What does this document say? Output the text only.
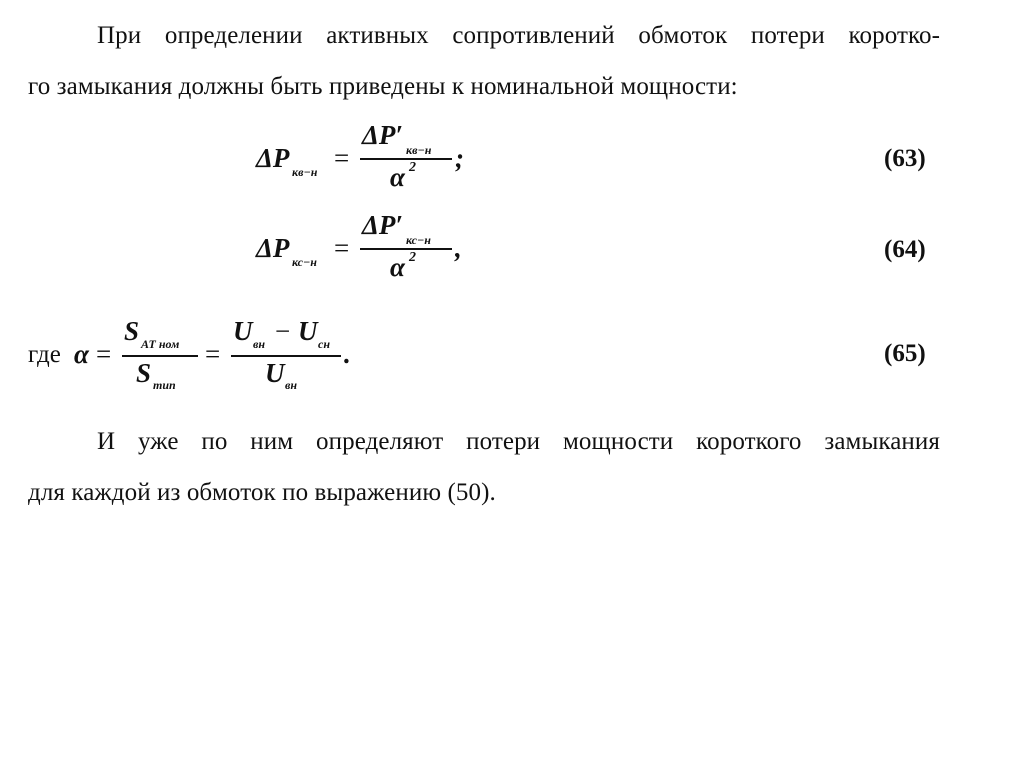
При определении активных сопротивлений обмоток потери коротко-
го замыкания должны быть приведены к номинальной мощности:
ΔP кв−н =
ΔP′ кв−н
α 2 ;	(63)
ΔP кс−н =
ΔP′ кс−н
α 2 ,	(64)
где α =
S АТ ном
S тип
=
U вн − U сн
U вн
.	(65)
И уже по ним определяют потери мощности короткого замыкания
для каждой из обмоток по выражению (50).
